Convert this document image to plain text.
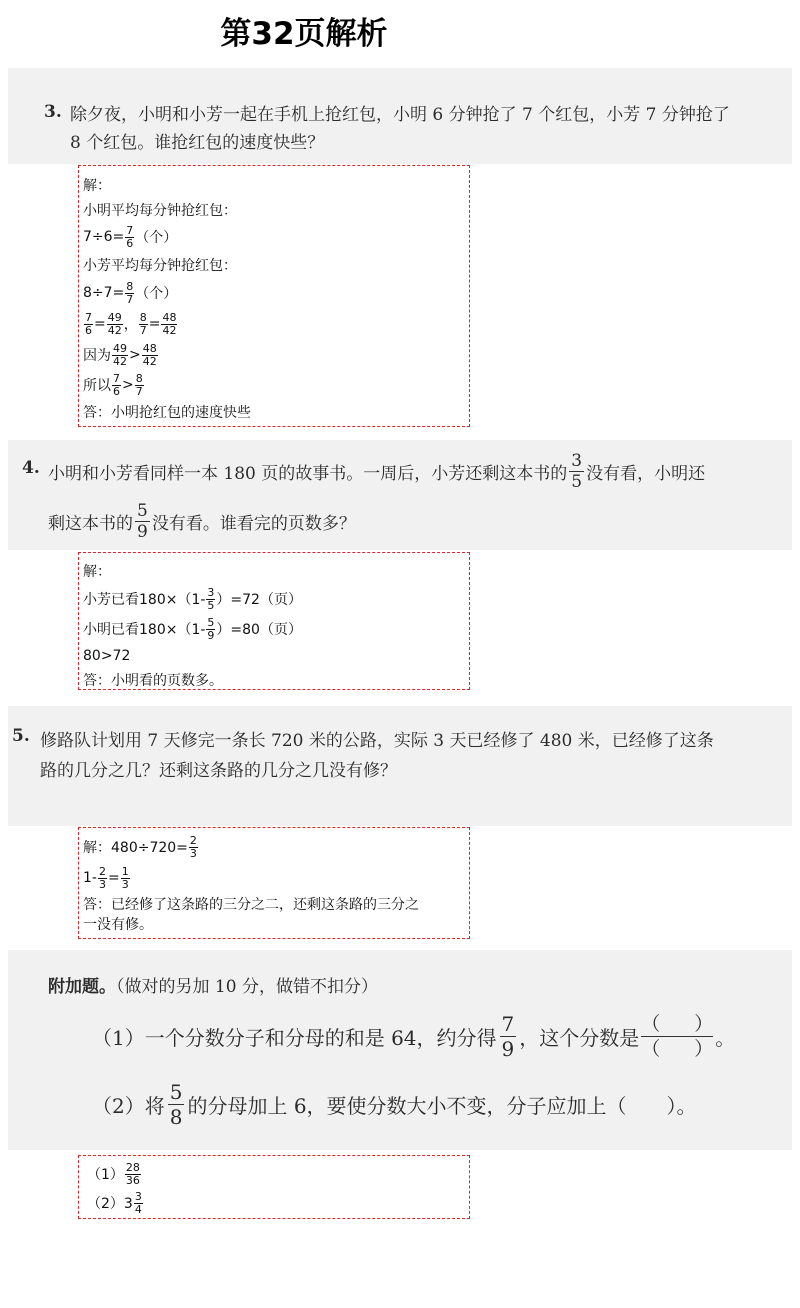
第32页解析
3. 除夕夜，小明和小芳一起在手机上抢红包，小明 6 分钟抢了 7 个红包，小芳 7 分钟抢了
8 个红包。谁抢红包的速度快些？
解：
小明平均每分钟抢红包：
$7\div 6= \frac{7}{6}$ （个）
小芳平均每分钟抢红包：
$8\div 7= \frac{8}{7}$ （个）
$\frac{7}{6} = \frac{49}{42}$ ， $\frac{8}{7} = \frac{48}{42}$
因为 $\frac{49}{42} > \frac{48}{42}$
所以 $\frac{7}{6} > \frac{8}{7}$
答：小明抢红包的速度快些
4. 小明和小芳看同样一本 180 页的故事书。一周后，小芳还剩这本书的 $\frac{3}{5}$ 没有看，小明还
剩这本书的 $\frac{5}{9}$ 没有看。谁看完的页数多？
解：
小芳已看$180\times(1- \frac{3}{5} )=72$（页）
小明已看$180\times(1- \frac{5}{9} )=80$（页）
80>72
答：小明看的页数多。
5. 修路队计划用 7 天修完一条长 720 米的公路，实际 3 天已经修了 480 米，已经修了这条
路的几分之几？还剩这条路的几分之几没有修？
解：$480\div 720= \frac{2}{3}$
$1- \frac{2}{3} = \frac{1}{3}$
答：已经修了这条路的三分之二，还剩这条路的三分之
一没有修。
附加题。（做对的另加 10 分，做错不扣分）
（1）一个分数分子和分母的和是 64，约分得 $\frac{7}{9}$ ，这个分数是
（ ）
（ ） 。
（2）将 $\frac{5}{8}$ 的分母加上 6，要使分数大小不变，分子应加上（　　）。
$(1) \frac{28}{36}$
$(2)3 \frac{3}{4}$
